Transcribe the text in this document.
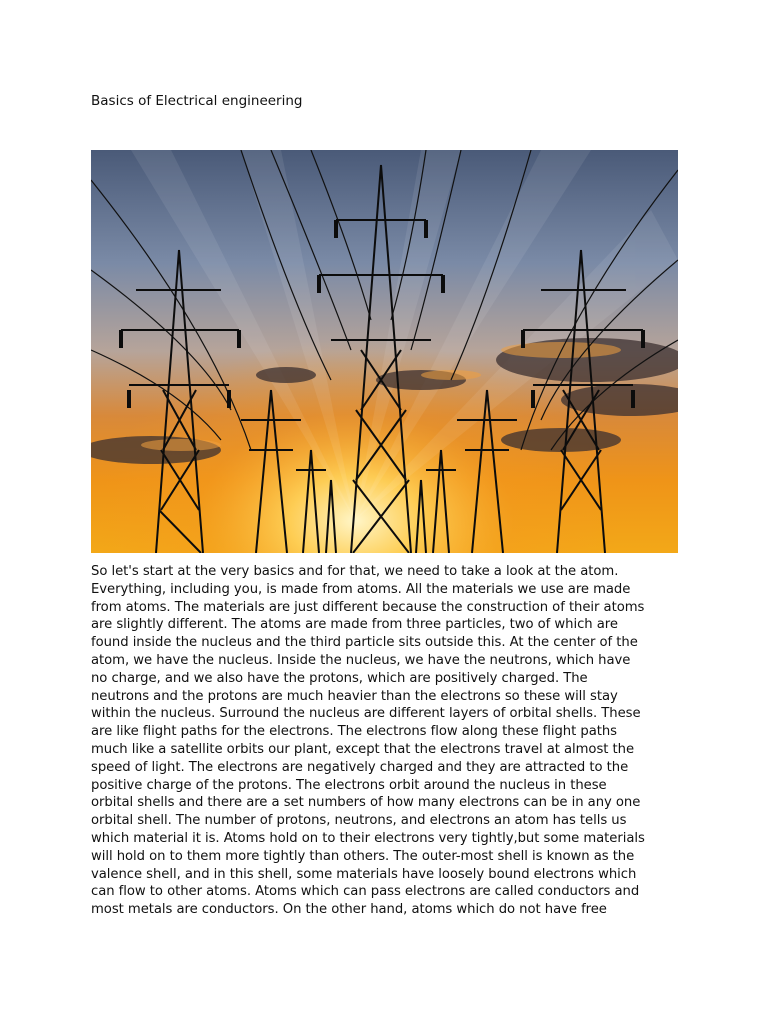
Basics of Electrical engineering
So let's start at the very basics and for that, we need to take a look at the atom.
Everything, including you, is made from atoms. All the materials we use are made
from atoms. The materials are just different because the construction of their atoms
are slightly different. The atoms are made from three particles, two of which are
found inside the nucleus and the third particle sits outside this. At the center of the
atom, we have the nucleus. Inside the nucleus, we have the neutrons, which have
no charge, and we also have the protons, which are positively charged. The
neutrons and the protons are much heavier than the electrons so these will stay
within the nucleus. Surround the nucleus are different layers of orbital shells. These
are like flight paths for the electrons. The electrons flow along these flight paths
much like a satellite orbits our plant, except that the electrons travel at almost the
speed of light. The electrons are negatively charged and they are attracted to the
positive charge of the protons. The electrons orbit around the nucleus in these
orbital shells and there are a set numbers of how many electrons can be in any one
orbital shell. The number of protons, neutrons, and electrons an atom has tells us
which material it is. Atoms hold on to their electrons very tightly,but some materials
will hold on to them more tightly than others. The outer-most shell is known as the
valence shell, and in this shell, some materials have loosely bound electrons which
can flow to other atoms. Atoms which can pass electrons are called conductors and
most metals are conductors. On the other hand, atoms which do not have free
